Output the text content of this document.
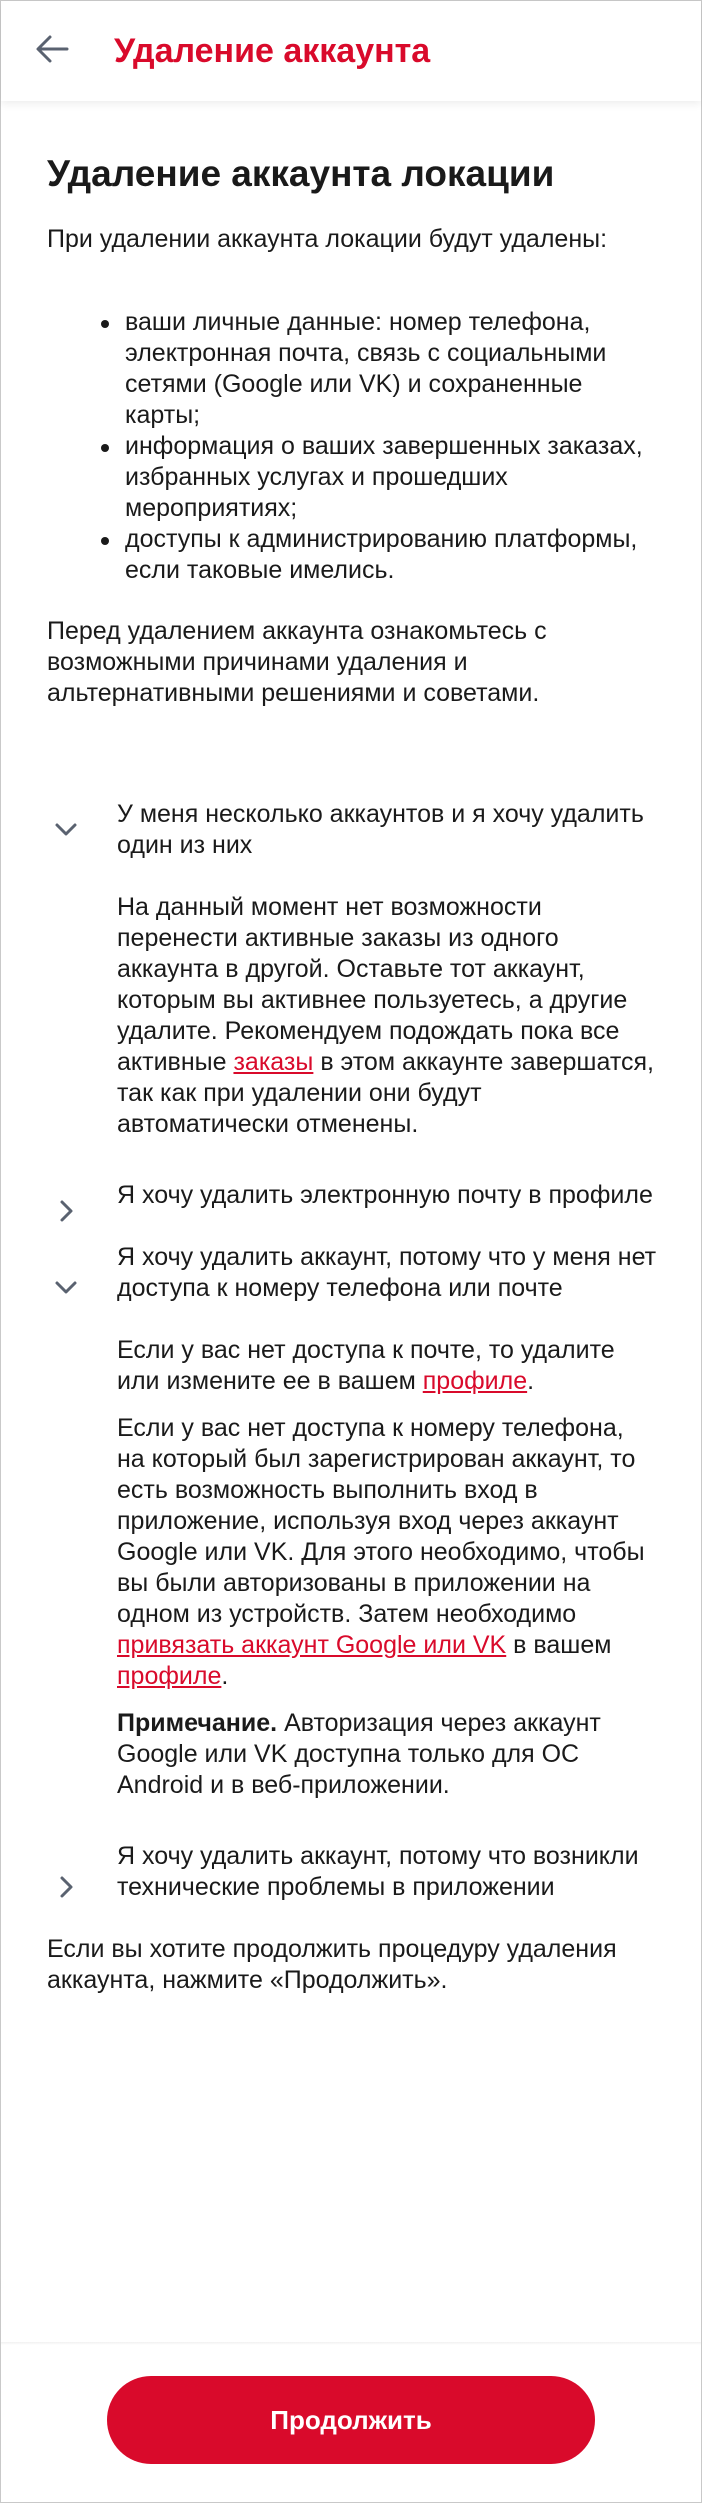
Удаление аккаунта
Удаление аккаунта локации

При удалении аккаунта локации будут удалены:

ваши личные данные: номер телефона, электронная почта, связь с социальными сетями (Google или VK) и сохраненные карты;
информация о ваших завершенных заказах, избранных услугах и прошедших мероприятиях;
доступы к администрированию платформы, если таковые имелись.

Перед удалением аккаунта ознакомьтесь с возможными причинами удаления и альтернативными решениями и советами.

У меня несколько аккаунтов и я хочу удалить один из них
На данный момент нет возможности перенести активные заказы из одного аккаунта в другой. Оставьте тот аккаунт, которым вы активнее пользуетесь, а другие удалите. Рекомендуем подождать пока все активные заказы в этом аккаунте завершатся, так как при удалении они будут автоматически отменены.
Я хочу удалить электронную почту в профиле
Я хочу удалить аккаунт, потому что у меня нет доступа к номеру телефона или почте
Если у вас нет доступа к почте, то удалите или измените ее в вашем профиле.
Если у вас нет доступа к номеру телефона, на который был зарегистрирован аккаунт, то есть возможность выполнить вход в приложение, используя вход через аккаунт Google или VK. Для этого необходимо, чтобы вы были авторизованы в приложении на одном из устройств. Затем необходимо привязать аккаунт Google или VK в вашем профиле.
Примечание. Авторизация через аккаунт Google или VK доступна только для ОС Android и в веб-приложении.
Я хочу удалить аккаунт, потому что возникли технические проблемы в приложении

Если вы хотите продолжить процедуру удаления аккаунта, нажмите «Продолжить».

Продолжить
